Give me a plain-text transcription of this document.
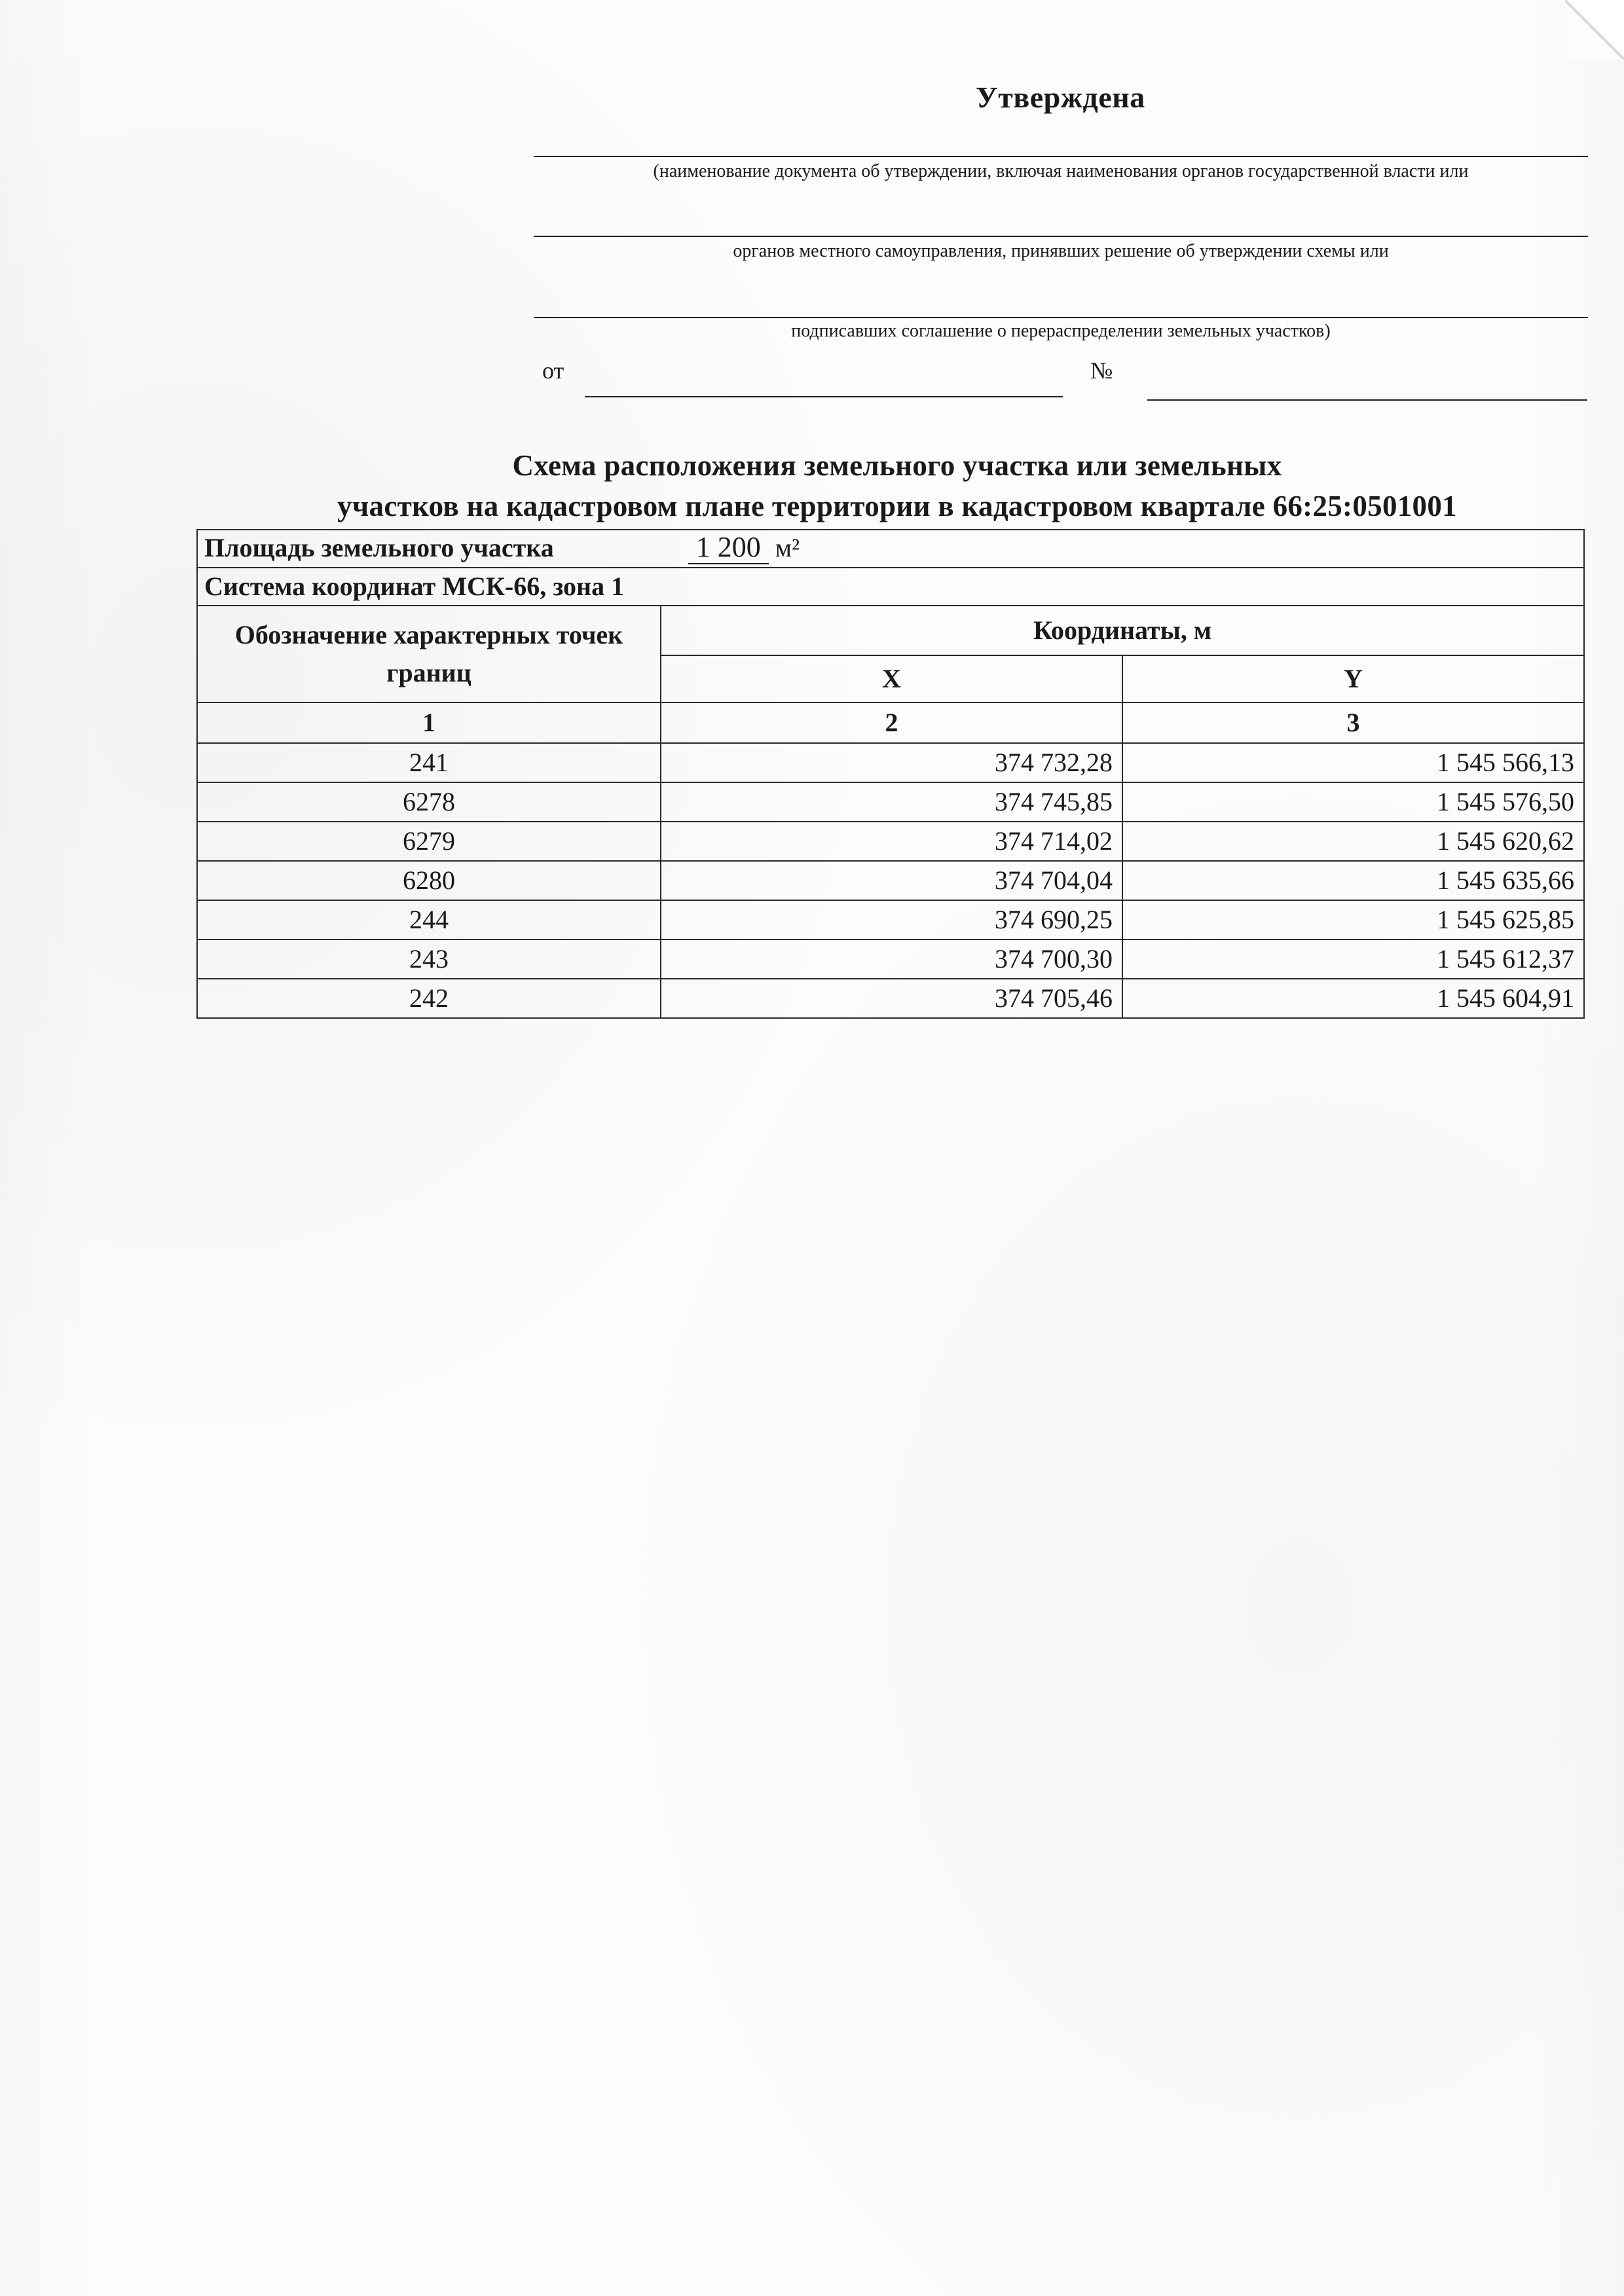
Утверждена
(наименование документа об утверждении, включая наименования органов государственной власти или
органов местного самоуправления, принявших решение об утверждении схемы или
подписавших соглашение о перераспределении земельных участков)
от	№
Схема расположения земельного участка или земельных
участков на кадастровом плане территории в кадастровом квартале 66:25:0501001
Площадь земельного участка 1 200 м²		
Система координат МСК-66, зона 1		
Обозначение характерных точек границ	Координаты, м	
	X	Y
1	2	3
241	374 732,28	1 545 566,13
6278	374 745,85	1 545 576,50
6279	374 714,02	1 545 620,62
6280	374 704,04	1 545 635,66
244	374 690,25	1 545 625,85
243	374 700,30	1 545 612,37
242	374 705,46	1 545 604,91
